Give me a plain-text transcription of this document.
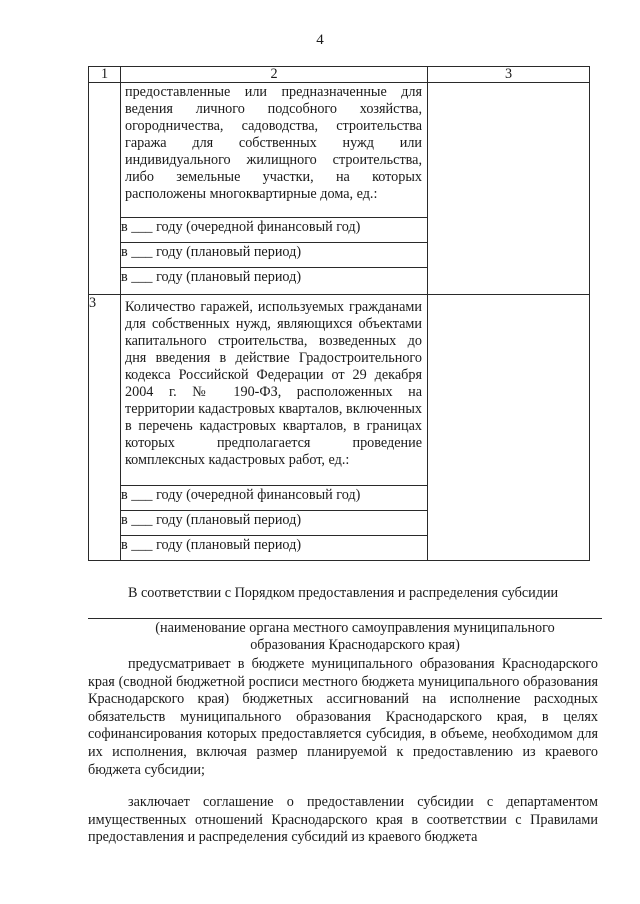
4
1	2	3

	предоставленные или предназначенные для ведения личного подсобного хозяйства, огородничества, садоводства, строительства гаража для собственных нужд или индивидуального жилищного строительства, либо земельные участки, на которых
расположены многоквартирные дома, ед.:	

	в ___ году (очередной финансовый год)	
	в ___ году (плановый период)	
	в ___ году (плановый период)	
3	Количество гаражей, используемых гражданами для собственных нужд, являющихся объектами капитального строительства, возведенных до дня введения в действие Градостроительного кодекса Российской Федерации от 29 декабря 2004 г. № 190-ФЗ, расположенных на территории кадастровых кварталов, включенных в перечень кадастровых кварталов, в границах которых предполагается проведение
комплексных кадастровых работ, ед.:	

	в ___ году (очередной финансовый год)	
	в ___ году (плановый период)	
	в ___ году (плановый период)	
В соответствии с Порядком предоставления и распределения субсидии
(наименование органа местного самоуправления муниципального образования Краснодарского края)
предусматривает в бюджете муниципального образования Краснодарского края (сводной бюджетной росписи местного бюджета муниципального образования Краснодарского края) бюджетных ассигнований на исполнение расходных обязательств муниципального образования Краснодарского края, в целях софинансирования которых предоставляется субсидия, в объеме, необходимом для их исполнения, включая размер планируемой к предоставлению из краевого бюджета субсидии;
заключает соглашение о предоставлении субсидии с департаментом имущественных отношений Краснодарского края в соответствии с Правилами предоставления и распределения субсидий из краевого бюджета
